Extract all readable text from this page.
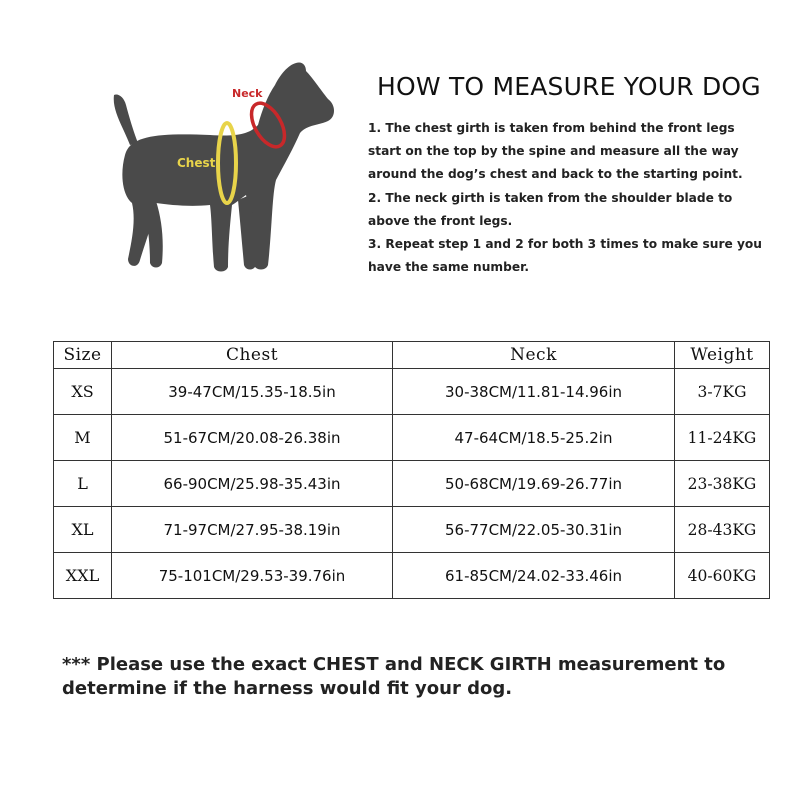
Neck
Chest
HOW TO MEASURE YOUR DOG

1. The chest girth is taken from behind the front legs start on the top by the spine and measure all the way around the dog’s chest and back to the starting point.

2. The neck girth is taken from the shoulder blade to above the front legs.

3. Repeat step 1 and 2 for both 3 times to make sure you have the same number.

Size	Chest	Neck	Weight
XS	39-47CM/15.35-18.5in	30-38CM/11.81-14.96in	3-7KG
M	51-67CM/20.08-26.38in	47-64CM/18.5-25.2in	11-24KG
L	66-90CM/25.98-35.43in	50-68CM/19.69-26.77in	23-38KG
XL	71-97CM/27.95-38.19in	56-77CM/22.05-30.31in	28-43KG
XXL	75-101CM/29.53-39.76in	61-85CM/24.02-33.46in	40-60KG
*** Please use the exact CHEST and NECK GIRTH measurement to determine if the harness would fit your dog.
